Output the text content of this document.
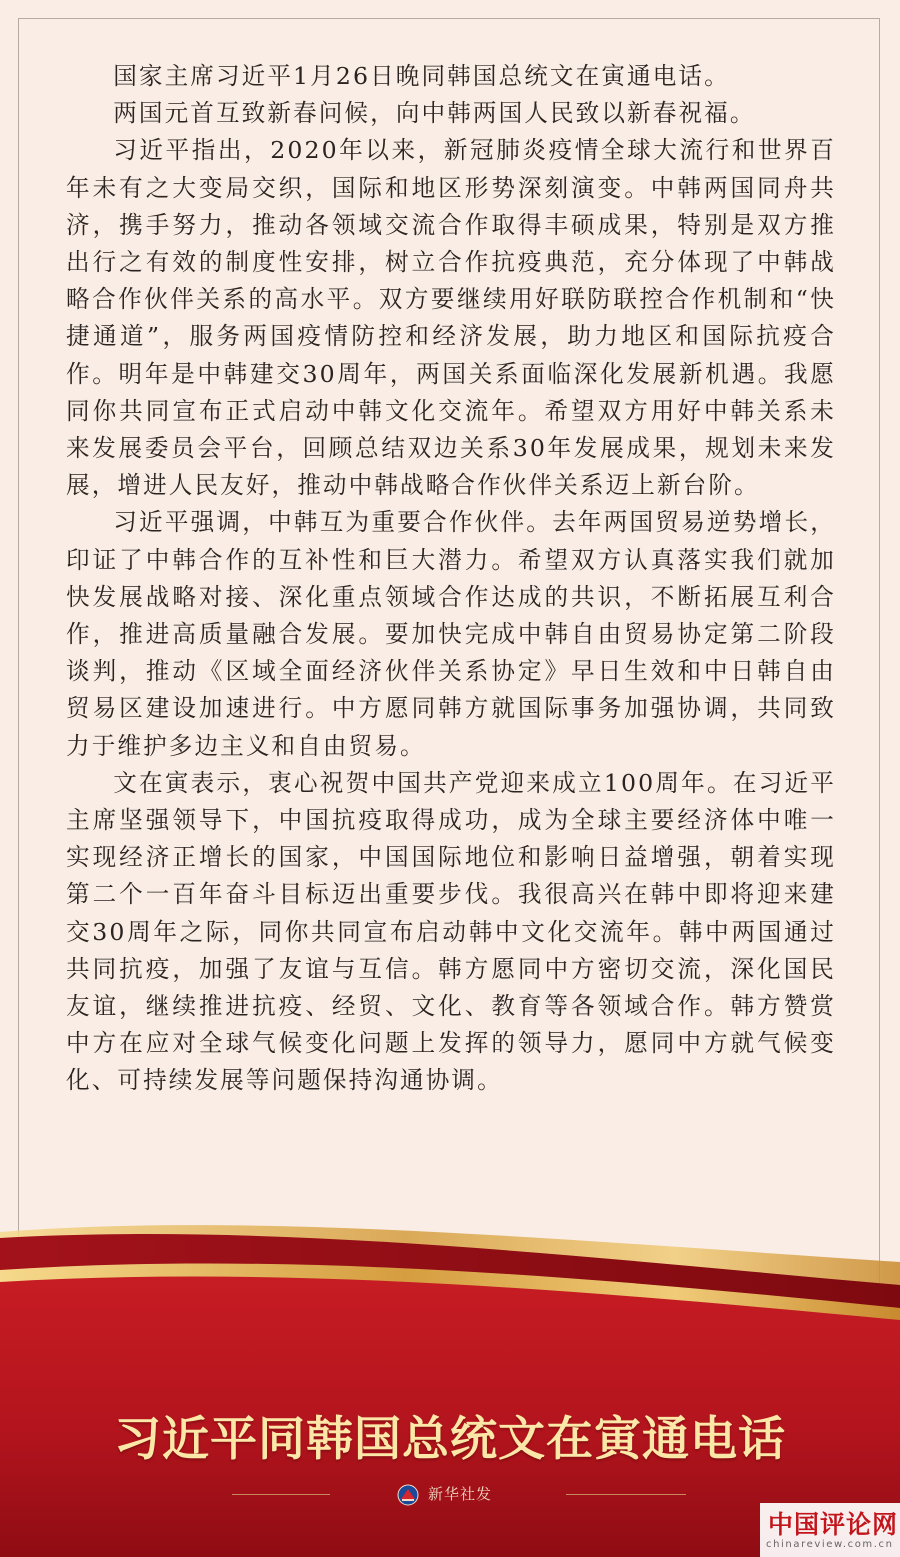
国家主席习近平1月26日晚同韩国总统文在寅通电话。

两国元首互致新春问候，向中韩两国人民致以新春祝福。

习近平指出，2020年以来，新冠肺炎疫情全球大流行和世界百年未有之大变局交织，国际和地区形势深刻演变。中韩两国同舟共济，携手努力，推动各领域交流合作取得丰硕成果，特别是双方推出行之有效的制度性安排，树立合作抗疫典范，充分体现了中韩战略合作伙伴关系的高水平。双方要继续用好联防联控合作机制和“快捷通道”，服务两国疫情防控和经济发展，助力地区和国际抗疫合作。明年是中韩建交30周年，两国关系面临深化发展新机遇。我愿同你共同宣布正式启动中韩文化交流年。希望双方用好中韩关系未来发展委员会平台，回顾总结双边关系30年发展成果，规划未来发展，增进人民友好，推动中韩战略合作伙伴关系迈上新台阶。

习近平强调，中韩互为重要合作伙伴。去年两国贸易逆势增长，印证了中韩合作的互补性和巨大潜力。希望双方认真落实我们就加快发展战略对接、深化重点领域合作达成的共识，不断拓展互利合作，推进高质量融合发展。要加快完成中韩自由贸易协定第二阶段谈判，推动《区域全面经济伙伴关系协定》早日生效和中日韩自由贸易区建设加速进行。中方愿同韩方就国际事务加强协调，共同致力于维护多边主义和自由贸易。

文在寅表示，衷心祝贺中国共产党迎来成立100周年。在习近平主席坚强领导下，中国抗疫取得成功，成为全球主要经济体中唯一实现经济正增长的国家，中国国际地位和影响日益增强，朝着实现第二个一百年奋斗目标迈出重要步伐。我很高兴在韩中即将迎来建交30周年之际，同你共同宣布启动韩中文化交流年。韩中两国通过共同抗疫，加强了友谊与互信。韩方愿同中方密切交流，深化国民友谊，继续推进抗疫、经贸、文化、教育等各领域合作。韩方赞赏中方在应对全球气候变化问题上发挥的领导力，愿同中方就气候变化、可持续发展等问题保持沟通协调。

习近平同韩国总统文在寅通电话
新华社发
中国评论网
chinareview.com.cn
